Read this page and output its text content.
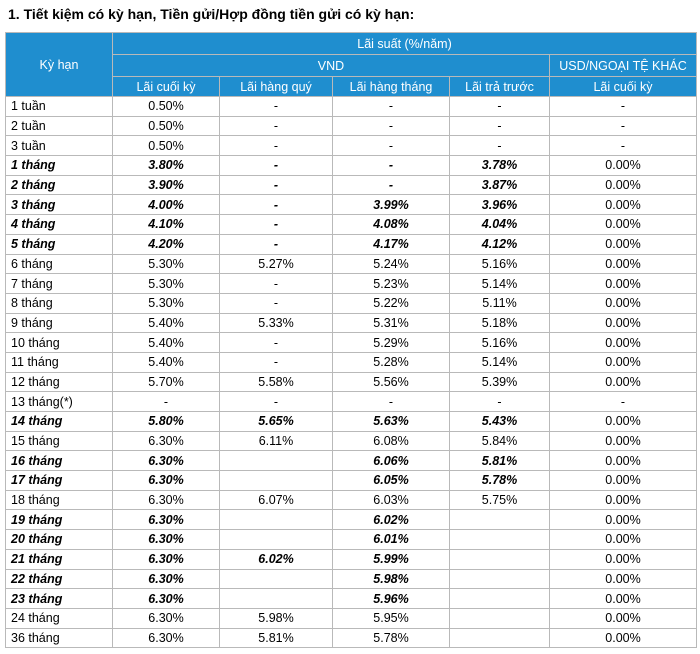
1. Tiết kiệm có kỳ hạn, Tiền gửi/Hợp đồng tiền gửi có kỳ hạn:
Kỳ hạn	Lãi suất (%/năm)				
	VND				USD/NGOẠI TỆ KHÁC
	Lãi cuối kỳ	Lãi hàng quý	Lãi hàng tháng	Lãi trả trước	Lãi cuối kỳ
1 tuần	0.50%	-	-	-	-
2 tuần	0.50%	-	-	-	-
3 tuần	0.50%	-	-	-	-
1 tháng	3.80%	-	-	3.78%	0.00%
2 tháng	3.90%	-	-	3.87%	0.00%
3 tháng	4.00%	-	3.99%	3.96%	0.00%
4 tháng	4.10%	-	4.08%	4.04%	0.00%
5 tháng	4.20%	-	4.17%	4.12%	0.00%
6 tháng	5.30%	5.27%	5.24%	5.16%	0.00%
7 tháng	5.30%	-	5.23%	5.14%	0.00%
8 tháng	5.30%	-	5.22%	5.11%	0.00%
9 tháng	5.40%	5.33%	5.31%	5.18%	0.00%
10 tháng	5.40%	-	5.29%	5.16%	0.00%
11 tháng	5.40%	-	5.28%	5.14%	0.00%
12 tháng	5.70%	5.58%	5.56%	5.39%	0.00%
13 tháng(*)	-	-	-	-	-
14 tháng	5.80%	5.65%	5.63%	5.43%	0.00%
15 tháng	6.30%	6.11%	6.08%	5.84%	0.00%
16 tháng	6.30%		6.06%	5.81%	0.00%
17 tháng	6.30%		6.05%	5.78%	0.00%
18 tháng	6.30%	6.07%	6.03%	5.75%	0.00%
19 tháng	6.30%		6.02%		0.00%
20 tháng	6.30%		6.01%		0.00%
21 tháng	6.30%	6.02%	5.99%		0.00%
22 tháng	6.30%		5.98%		0.00%
23 tháng	6.30%		5.96%		0.00%
24 tháng	6.30%	5.98%	5.95%		0.00%
36 tháng	6.30%	5.81%	5.78%		0.00%
